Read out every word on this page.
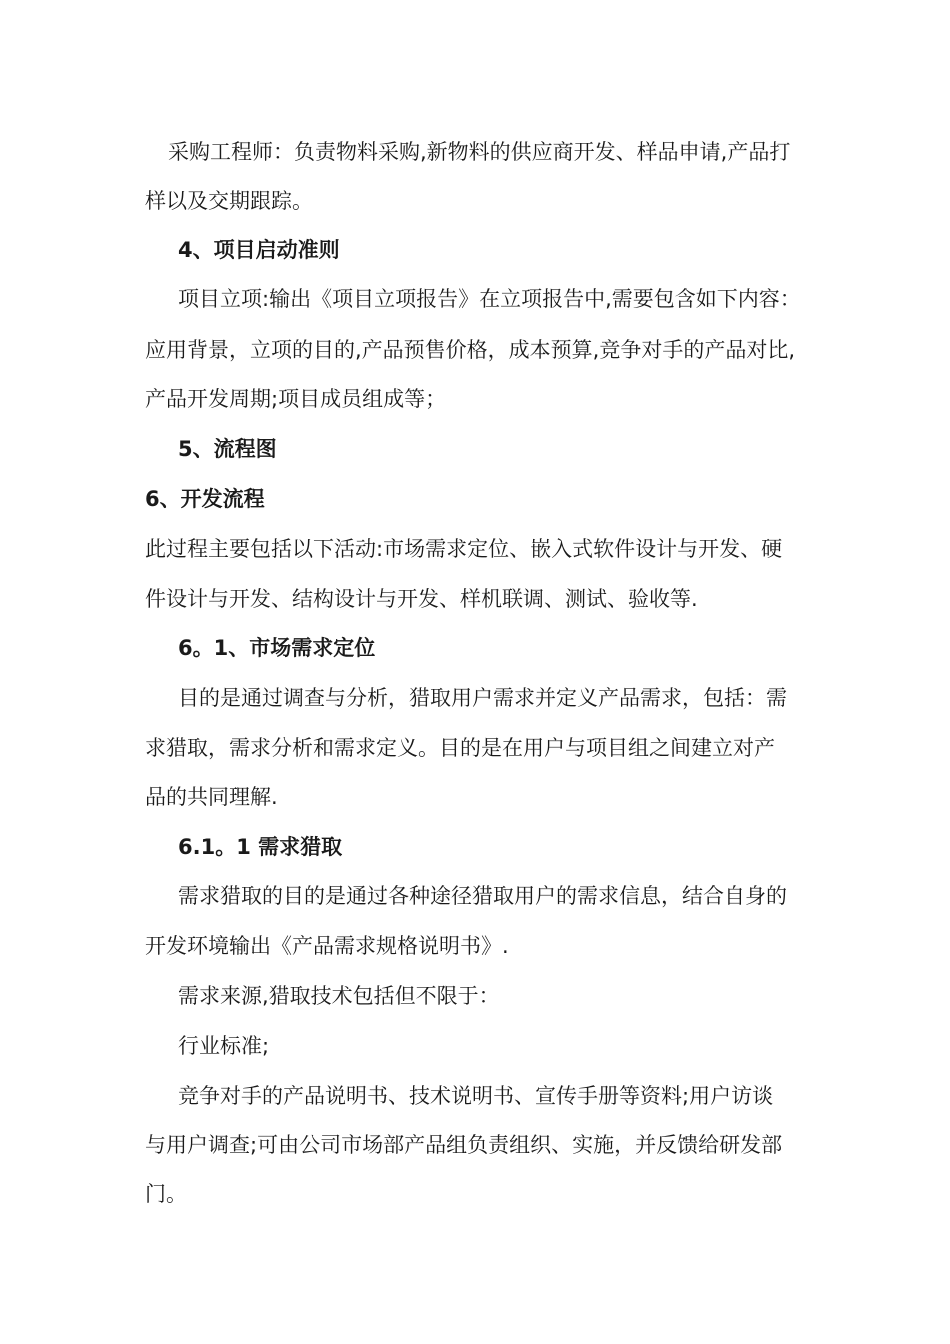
采购工程师：负责物料采购,新物料的供应商开发、样品申请,产品打
样以及交期跟踪。
4、项目启动准则
项目立项:输出《项目立项报告》在立项报告中,需要包含如下内容：
应用背景，立项的目的,产品预售价格，成本预算,竞争对手的产品对比,
产品开发周期;项目成员组成等；
5、流程图
6、开发流程
此过程主要包括以下活动:市场需求定位、嵌入式软件设计与开发、硬
件设计与开发、结构设计与开发、样机联调、测试、验收等.
6。1、市场需求定位
目的是通过调查与分析，猎取用户需求并定义产品需求，包括：需
求猎取，需求分析和需求定义。目的是在用户与项目组之间建立对产
品的共同理解.
6.1。1 需求猎取
需求猎取的目的是通过各种途径猎取用户的需求信息，结合自身的
开发环境输出《产品需求规格说明书》.
需求来源,猎取技术包括但不限于：
行业标准;
竞争对手的产品说明书、技术说明书、宣传手册等资料;用户访谈
与用户调查;可由公司市场部产品组负责组织、实施，并反馈给研发部
门。
